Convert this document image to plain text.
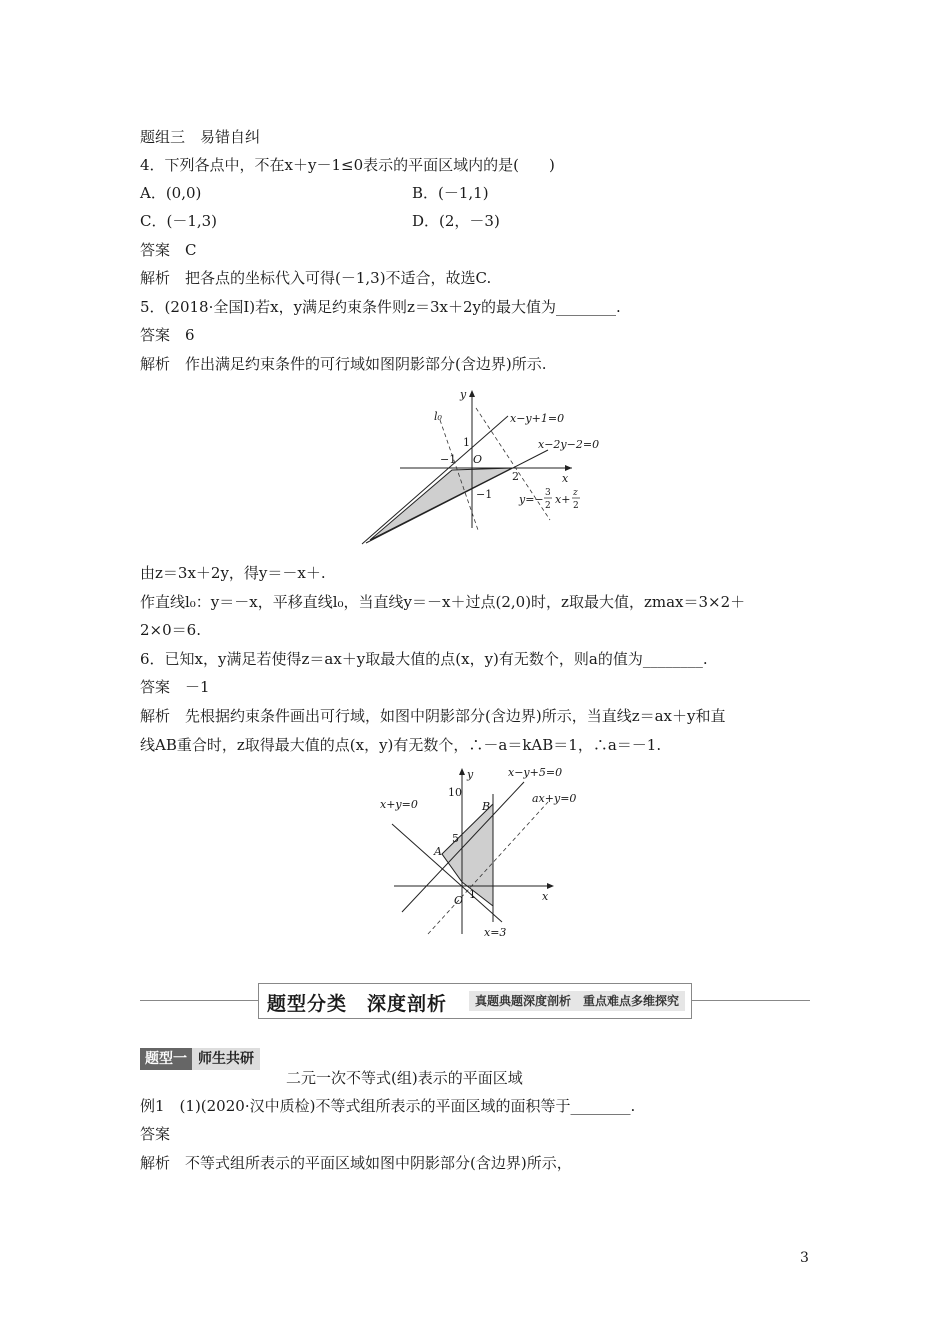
题组三　易错自纠
4．下列各点中，不在x＋y－1≤0表示的平面区域内的是(　　)
A．(0,0)	B．(－1,1)
C．(－1,3)	D．(2，－3)
答案　C
解析　把各点的坐标代入可得(－1,3)不适合，故选C.
5．(2018·全国Ⅰ)若x，y满足约束条件则z＝3x＋2y的最大值为________.
答案　6
解析　作出满足约束条件的可行域如图阴影部分(含边界)所示.
y
x
l₀
O
1
−1
2
−1
x−y+1=0
x−2y−2=0
y=− 3
2 x+ z
2
由z＝3x＋2y，得y＝－x＋.
作直线l₀：y＝－x，平移直线l₀，当直线y＝－x＋过点(2,0)时，z取最大值，zmax＝3×2＋
2×0＝6.
6．已知x，y满足若使得z＝ax＋y取最大值的点(x，y)有无数个，则a的值为________.
答案　－1
解析　先根据约束条件画出可行域，如图中阴影部分(含边界)所示，当直线z＝ax＋y和直
线AB重合时，z取得最大值的点(x，y)有无数个，∴－a＝kAB＝1，∴a＝－1.
y
x
10
5
1
O
A
B
x−y+5=0
ax+y=0
x+y=0
x=3
题型分类　深度剖析	真题典题深度剖析　重点难点多维探究
题型一 师生共研
二元一次不等式(组)表示的平面区域
例1　(1)(2020·汉中质检)不等式组所表示的平面区域的面积等于________.
答案
解析　不等式组所表示的平面区域如图中阴影部分(含边界)所示，
3
